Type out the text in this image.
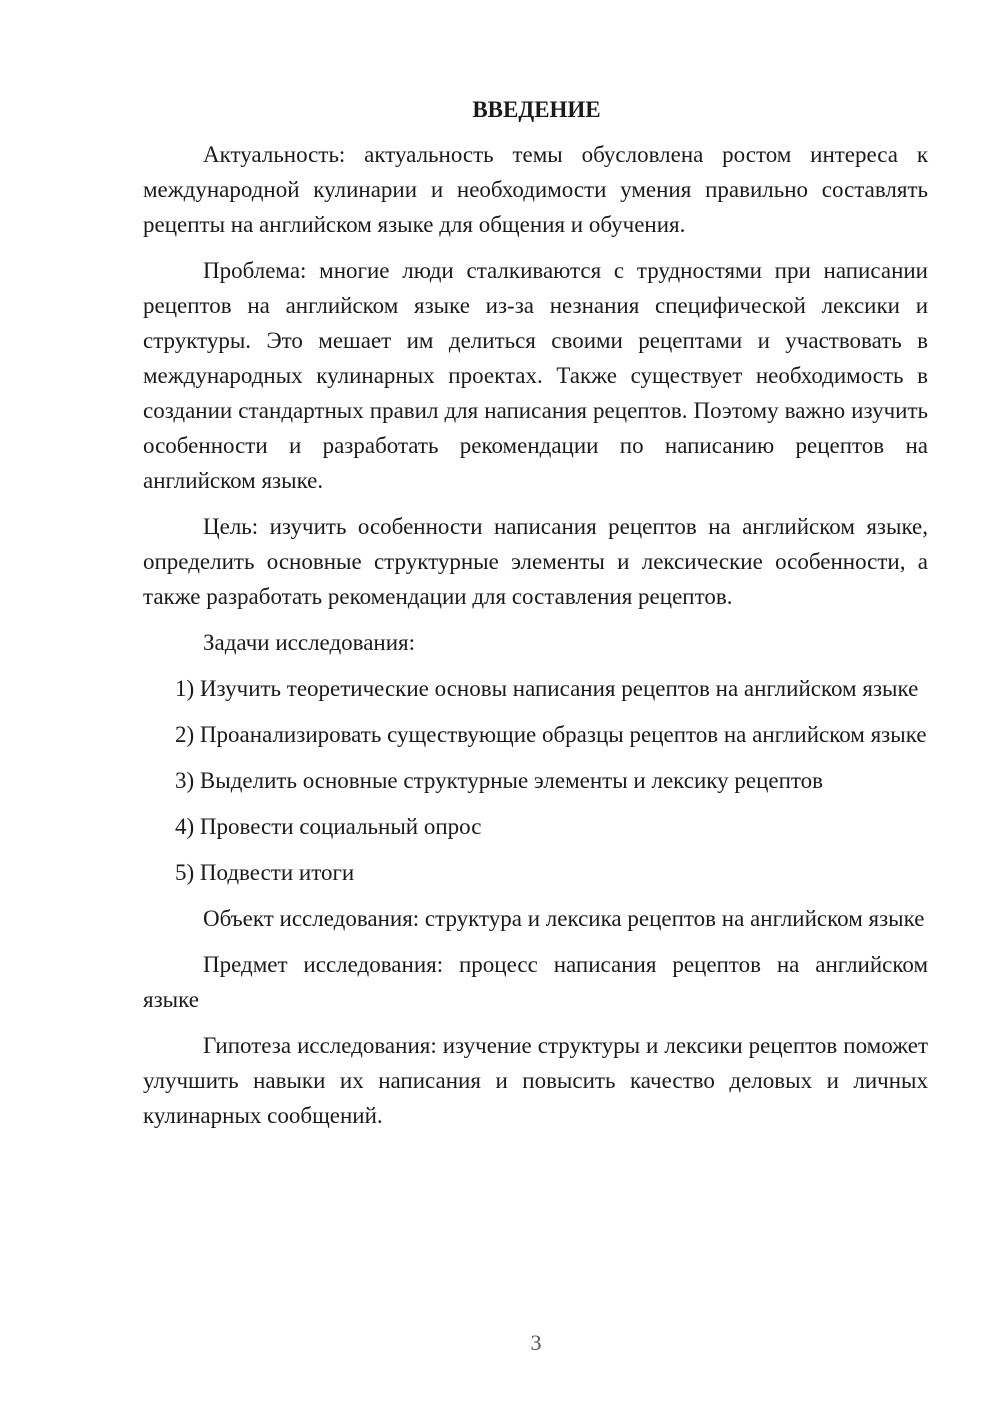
ВВЕДЕНИЕ

Актуальность: актуальность темы обусловлена ростом интереса к международной кулинарии и необходимости умения правильно составлять рецепты на английском языке для общения и обучения.

Проблема: многие люди сталкиваются с трудностями при написании рецептов на английском языке из-за незнания специфической лексики и структуры. Это мешает им делиться своими рецептами и участвовать в международных кулинарных проектах. Также существует необходимость в создании стандартных правил для написания рецептов. Поэтому важно изучить особенности и разработать рекомендации по написанию рецептов на английском языке.

Цель: изучить особенности написания рецептов на английском языке, определить основные структурные элементы и лексические особенности, а также разработать рекомендации для составления рецептов.

Задачи исследования:

1) Изучить теоретические основы написания рецептов на английском языке

2) Проанализировать существующие образцы рецептов на английском языке

3) Выделить основные структурные элементы и лексику рецептов

4) Провести социальный опрос

5) Подвести итоги

Объект исследования: структура и лексика рецептов на английском языке

Предмет исследования: процесс написания рецептов на английском языке

Гипотеза исследования: изучение структуры и лексики рецептов поможет улучшить навыки их написания и повысить качество деловых и личных кулинарных сообщений.

3
